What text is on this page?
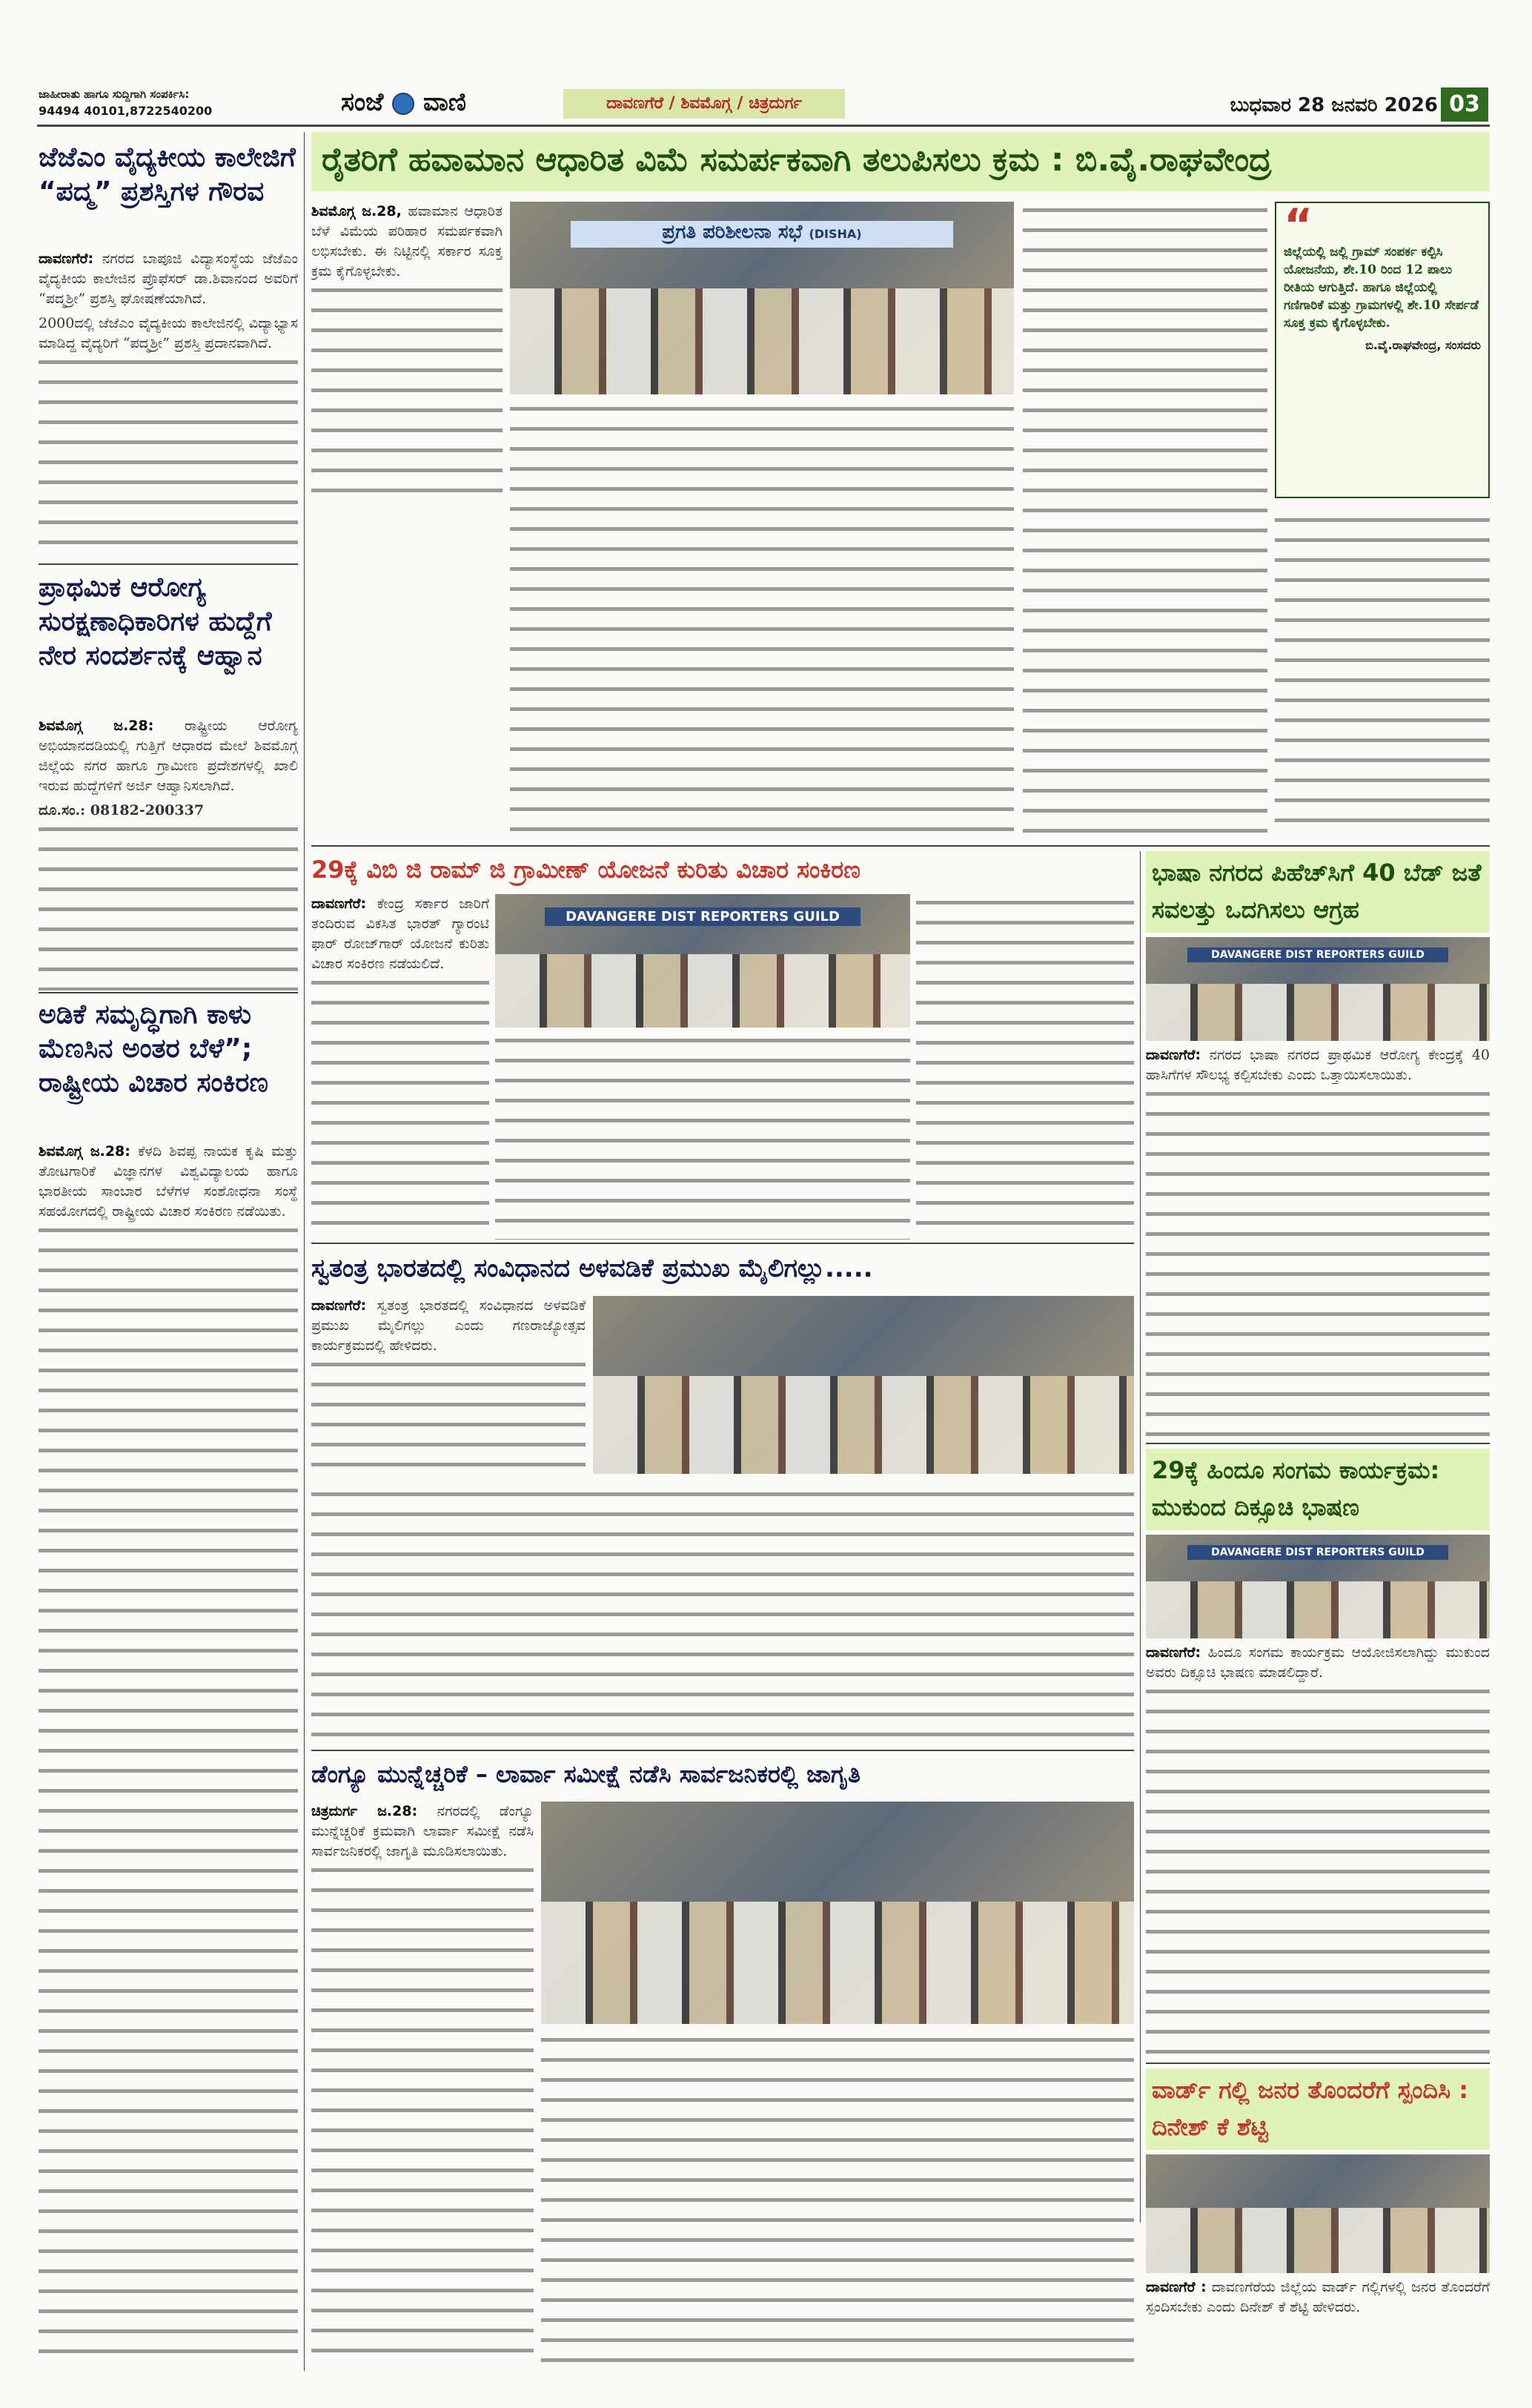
ಜಾಹೀರಾತು ಹಾಗೂ ಸುದ್ದಿಗಾಗಿ ಸಂಪರ್ಕಿಸಿ:
94494 40101,8722540200	ಸಂಜೆ ವಾಣಿ	ದಾವಣಗೆರೆ / ಶಿವಮೊಗ್ಗ / ಚಿತ್ರದುರ್ಗ	ಬುಧವಾರ 28 ಜನವರಿ 2026 03
ಜೆಜೆಎಂ ವೈದ್ಯಕೀಯ ಕಾಲೇಜಿಗೆ “ಪದ್ಮ” ಪ್ರಶಸ್ತಿಗಳ ಗೌರವ
ದಾವಣಗೆರೆ: ನಗರದ ಬಾಪೂಜಿ ವಿದ್ಯಾಸಂಸ್ಥೆಯ ಜೆಜೆಎಂ ವೈದ್ಯಕೀಯ ಕಾಲೇಜಿನ ಪ್ರೊಫೆಸರ್ ಡಾ.ಶಿವಾನಂದ ಅವರಿಗೆ “ಪದ್ಮಶ್ರೀ” ಪ್ರಶಸ್ತಿ ಘೋಷಣೆಯಾಗಿದೆ.
2000ದಲ್ಲಿ ಜೆಜೆಎಂ ವೈದ್ಯಕೀಯ ಕಾಲೇಜಿನಲ್ಲಿ ವಿದ್ಯಾಭ್ಯಾಸ ಮಾಡಿದ್ದ ವೈದ್ಯರಿಗೆ “ಪದ್ಮಶ್ರೀ” ಪ್ರಶಸ್ತಿ ಪ್ರದಾನವಾಗಿದೆ.
ಪ್ರಾಥಮಿಕ ಆರೋಗ್ಯ ಸುರಕ್ಷಣಾಧಿಕಾರಿಗಳ ಹುದ್ದೆಗೆ ನೇರ ಸಂದರ್ಶನಕ್ಕೆ ಆಹ್ವಾನ
ಶಿವಮೊಗ್ಗ ಜ.28: ರಾಷ್ಟ್ರೀಯ ಆರೋಗ್ಯ ಅಭಿಯಾನದಡಿಯಲ್ಲಿ ಗುತ್ತಿಗೆ ಆಧಾರದ ಮೇಲೆ ಶಿವಮೊಗ್ಗ ಜಿಲ್ಲೆಯ ನಗರ ಹಾಗೂ ಗ್ರಾಮೀಣ ಪ್ರದೇಶಗಳಲ್ಲಿ ಖಾಲಿ ಇರುವ ಹುದ್ದೆಗಳಿಗೆ ಅರ್ಜಿ ಆಹ್ವಾನಿಸಲಾಗಿದೆ.
ದೂ.ಸಂ.: 08182-200337
ಅಡಿಕೆ ಸಮೃದ್ಧಿಗಾಗಿ ಕಾಳು ಮೆಣಸಿನ ಅಂತರ ಬೆಳೆ”; ರಾಷ್ಟ್ರೀಯ ವಿಚಾರ ಸಂಕಿರಣ
ಶಿವಮೊಗ್ಗ ಜ.28: ಕೆಳದಿ ಶಿವಪ್ಪ ನಾಯಕ ಕೃಷಿ ಮತ್ತು ತೋಟಗಾರಿಕೆ ವಿಜ್ಞಾನಗಳ ವಿಶ್ವವಿದ್ಯಾಲಯ ಹಾಗೂ ಭಾರತೀಯ ಸಾಂಬಾರ ಬೆಳೆಗಳ ಸಂಶೋಧನಾ ಸಂಸ್ಥೆ ಸಹಯೋಗದಲ್ಲಿ ರಾಷ್ಟ್ರೀಯ ವಿಚಾರ ಸಂಕಿರಣ ನಡೆಯಿತು.
ರೈತರಿಗೆ ಹವಾಮಾನ ಆಧಾರಿತ ವಿಮೆ ಸಮರ್ಪಕವಾಗಿ ತಲುಪಿಸಲು ಕ್ರಮ : ಬಿ.ವೈ.ರಾಘವೇಂದ್ರ
ಶಿವಮೊಗ್ಗ ಜ.28, ಹವಾಮಾನ ಆಧಾರಿತ ಬೆಳೆ ವಿಮೆಯ ಪರಿಹಾರ ಸಮರ್ಪಕವಾಗಿ ಲಭಿಸಬೇಕು. ಈ ನಿಟ್ಟಿನಲ್ಲಿ ಸರ್ಕಾರ ಸೂಕ್ತ ಕ್ರಮ ಕೈಗೊಳ್ಳಬೇಕು.
ಪ್ರಗತಿ ಪರಿಶೀಲನಾ ಸಭೆ (DISHA)	“
ಜಿಲ್ಲೆಯಲ್ಲಿ ಜಲ್ಲಿ ಗ್ರಾಮ್ ಸಂಪರ್ಕ ಕಲ್ಪಿಸಿ ಯೋಜನೆಯ, ಶೇ.10 ರಿಂದ 12 ಪಾಲು ರೀತಿಯ ಆಗುತ್ತಿದೆ. ಹಾಗೂ ಜಿಲ್ಲೆಯಲ್ಲಿ ಗಣಿಗಾರಿಕೆ ಮತ್ತು ಗ್ರಾಮಗಳಲ್ಲಿ ಶೇ.10 ಸೇರ್ಪಡೆ ಸೂಕ್ತ ಕ್ರಮ ಕೈಗೊಳ್ಳಬೇಕು.
ಬಿ.ವೈ.ರಾಘವೇಂದ್ರ, ಸಂಸದರು
29ಕ್ಕೆ ವಿಬಿ ಜಿ ರಾಮ್ ಜಿ ಗ್ರಾಮೀಣ್ ಯೋಜನೆ ಕುರಿತು ವಿಚಾರ ಸಂಕಿರಣ
ದಾವಣಗೆರೆ: ಕೇಂದ್ರ ಸರ್ಕಾರ ಜಾರಿಗೆ ತಂದಿರುವ ವಿಕಸಿತ ಭಾರತ್ ಗ್ಯಾರಂಟಿ ಫಾರ್ ರೋಜ್‌ಗಾರ್ ಯೋಜನೆ ಕುರಿತು ವಿಚಾರ ಸಂಕಿರಣ ನಡೆಯಲಿದೆ.
DAVANGERE DIST REPORTERS GUILD
ಭಾಷಾ ನಗರದ ಪಿಹೆಚ್‌ಸಿಗೆ 40 ಬೆಡ್ ಜತೆ ಸವಲತ್ತು ಒದಗಿಸಲು ಆಗ್ರಹ
DAVANGERE DIST REPORTERS GUILD
ದಾವಣಗೆರೆ: ನಗರದ ಭಾಷಾ ನಗರದ ಪ್ರಾಥಮಿಕ ಆರೋಗ್ಯ ಕೇಂದ್ರಕ್ಕೆ 40 ಹಾಸಿಗೆಗಳ ಸೌಲಭ್ಯ ಕಲ್ಪಿಸಬೇಕು ಎಂದು ಒತ್ತಾಯಿಸಲಾಯಿತು.
ಸ್ವತಂತ್ರ ಭಾರತದಲ್ಲಿ ಸಂವಿಧಾನದ ಅಳವಡಿಕೆ ಪ್ರಮುಖ ಮೈಲಿಗಲ್ಲು.....
ದಾವಣಗೆರೆ: ಸ್ವತಂತ್ರ ಭಾರತದಲ್ಲಿ ಸಂವಿಧಾನದ ಅಳವಡಿಕೆ ಪ್ರಮುಖ ಮೈಲಿಗಲ್ಲು ಎಂದು ಗಣರಾಜ್ಯೋತ್ಸವ ಕಾರ್ಯಕ್ರಮದಲ್ಲಿ ಹೇಳಿದರು.
29ಕ್ಕೆ ಹಿಂದೂ ಸಂಗಮ ಕಾರ್ಯಕ್ರಮ: ಮುಕುಂದ ದಿಕ್ಸೂಚಿ ಭಾಷಣ
DAVANGERE DIST REPORTERS GUILD
ದಾವಣಗೆರೆ: ಹಿಂದೂ ಸಂಗಮ ಕಾರ್ಯಕ್ರಮ ಆಯೋಜಿಸಲಾಗಿದ್ದು ಮುಕುಂದ ಅವರು ದಿಕ್ಸೂಚಿ ಭಾಷಣ ಮಾಡಲಿದ್ದಾರೆ.
ಡೆಂಗ್ಯೂ ಮುನ್ನೆಚ್ಚರಿಕೆ – ಲಾರ್ವಾ ಸಮೀಕ್ಷೆ ನಡೆಸಿ ಸಾರ್ವಜನಿಕರಲ್ಲಿ ಜಾಗೃತಿ
ಚಿತ್ರದುರ್ಗ ಜ.28: ನಗರದಲ್ಲಿ ಡೆಂಗ್ಯೂ ಮುನ್ನೆಚ್ಚರಿಕೆ ಕ್ರಮವಾಗಿ ಲಾರ್ವಾ ಸಮೀಕ್ಷೆ ನಡೆಸಿ ಸಾರ್ವಜನಿಕರಲ್ಲಿ ಜಾಗೃತಿ ಮೂಡಿಸಲಾಯಿತು.
ವಾರ್ಡ್ ಗಲ್ಲಿ ಜನರ ತೊಂದರೆಗೆ ಸ್ಪಂದಿಸಿ : ದಿನೇಶ್ ಕೆ ಶೆಟ್ಟಿ
ದಾವಣಗೆರೆ : ದಾವಣಗೆರೆಯ ಜಿಲ್ಲೆಯ ವಾರ್ಡ್ ಗಲ್ಲಿಗಳಲ್ಲಿ ಜನರ ತೊಂದರೆಗೆ ಸ್ಪಂದಿಸಬೇಕು ಎಂದು ದಿನೇಶ್ ಕೆ ಶೆಟ್ಟಿ ಹೇಳಿದರು.
